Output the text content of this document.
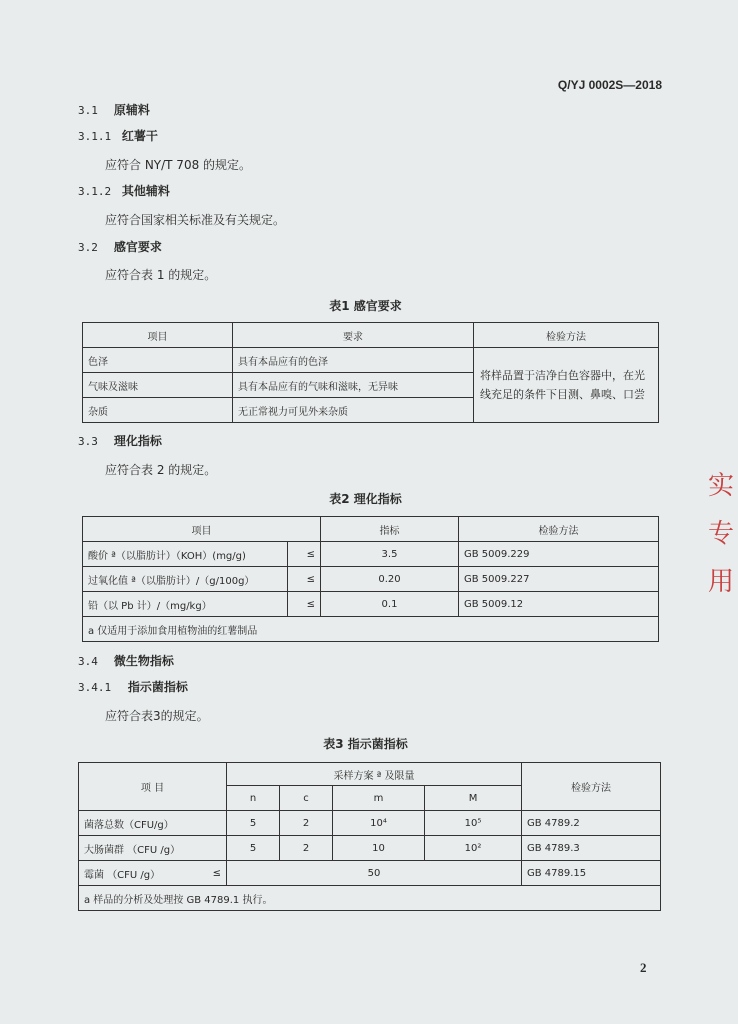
Q/YJ 0002S—2018
3.1 原辅料
3.1.1 红薯干
应符合 NY/T 708 的规定。
3.1.2 其他辅料
应符合国家相关标准及有关规定。
3.2 感官要求
应符合表 1 的规定。
表1 感官要求
项目	要求	检验方法
色泽	具有本品应有的色泽	将样品置于洁净白色容器中，在光线充足的条件下目测、鼻嗅、口尝
气味及滋味	具有本品应有的气味和滋味，无异味	
杂质	无正常视力可见外来杂质	
3.3 理化指标
应符合表 2 的规定。
表2 理化指标
项目		指标	检验方法
酸价 ª（以脂肪计）（KOH）(mg/g)	≤	3.5	GB 5009.229
过氧化值 ª（以脂肪计）/（g/100g）	≤	0.20	GB 5009.227
铅（以 Pb 计）/（mg/kg）	≤	0.1	GB 5009.12
a 仅适用于添加食用植物油的红薯制品			
3.4 微生物指标
3.4.1 指示菌指标
应符合表3的规定。
表3 指示菌指标
项 目		采样方案 ª 及限量				检验方法
		n	c	m	M	
菌落总数（CFU/g）		5	2	10⁴	10⁵	GB 4789.2
大肠菌群 （CFU /g）		5	2	10	10²	GB 4789.3
霉菌 （CFU /g）	≤	50				GB 4789.15
a 样品的分析及处理按 GB 4789.1 执行。						
实
专
用
2
